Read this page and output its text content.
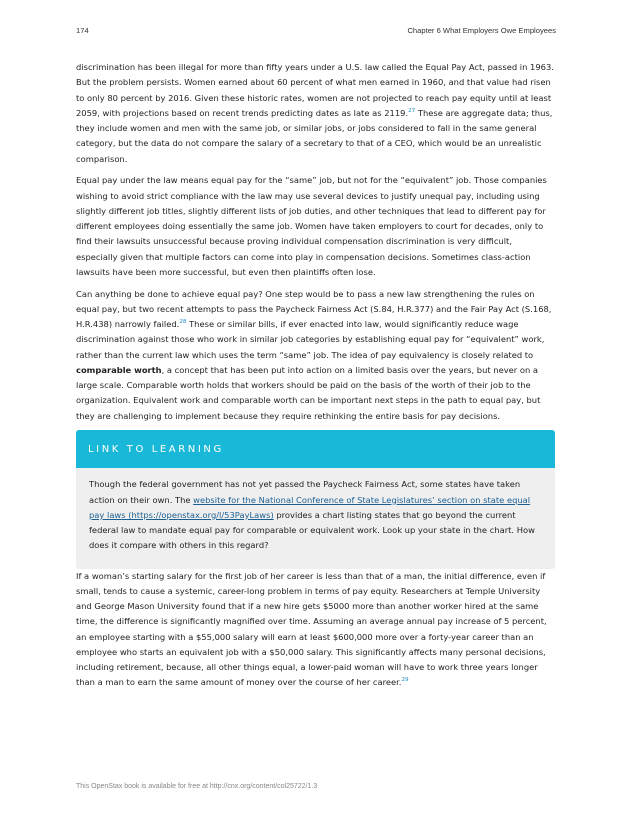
174	Chapter 6 What Employers Owe Employees

discrimination has been illegal for more than fifty years under a U.S. law called the Equal Pay Act, passed in 1963. But the problem persists. Women earned about 60 percent of what men earned in 1960, and that value had risen to only 80 percent by 2016. Given these historic rates, women are not projected to reach pay equity until at least 2059, with projections based on recent trends predicting dates as late as 2119.27 These are aggregate data; thus, they include women and men with the same job, or similar jobs, or jobs considered to fall in the same general category, but the data do not compare the salary of a secretary to that of a CEO, which would be an unrealistic comparison.

Equal pay under the law means equal pay for the “same” job, but not for the “equivalent” job. Those companies wishing to avoid strict compliance with the law may use several devices to justify unequal pay, including using slightly different job titles, slightly different lists of job duties, and other techniques that lead to different pay for different employees doing essentially the same job. Women have taken employers to court for decades, only to find their lawsuits unsuccessful because proving individual compensation discrimination is very difficult, especially given that multiple factors can come into play in compensation decisions. Sometimes class-action lawsuits have been more successful, but even then plaintiffs often lose.

Can anything be done to achieve equal pay? One step would be to pass a new law strengthening the rules on equal pay, but two recent attempts to pass the Paycheck Fairness Act (S.84, H.R.377) and the Fair Pay Act (S.168, H.R.438) narrowly failed.$^{28}$ These or similar bills, if ever enacted into law, would significantly reduce wage discrimination against those who work in similar job categories by establishing equal pay for “equivalent” work, rather than the current law which uses the term “same” job. The idea of pay equivalency is closely related to comparable worth, a concept that has been put into action on a limited basis over the years, but never on a large scale. Comparable worth holds that workers should be paid on the basis of the worth of their job to the organization. Equivalent work and comparable worth can be important next steps in the path to equal pay, but they are challenging to implement because they require rethinking the entire basis for pay decisions.

LINK TO LEARNING

Though the federal government has not yet passed the Paycheck Fairness Act, some states have taken action on their own. The website for the National Conference of State Legislatures’ section on state equal pay laws (https://openstax.org/l/53PayLaws) provides a chart listing states that go beyond the current federal law to mandate equal pay for comparable or equivalent work. Look up your state in the chart. How does it compare with others in this regard?

If a woman’s starting salary for the first job of her career is less than that of a man, the initial difference, even if small, tends to cause a systemic, career-long problem in terms of pay equity. Researchers at Temple University and George Mason University found that if a new hire gets $5000 more than another worker hired at the same time, the difference is significantly magnified over time. Assuming an average annual pay increase of 5 percent, an employee starting with a $55,000 salary will earn at least $600,000 more over a forty-year career than an employee who starts an equivalent job with a $50,000 salary. This significantly affects many personal decisions, including retirement, because, all other things equal, a lower-paid woman will have to work three years longer than a man to earn the same amount of money over the course of her career.$^{29}$

This OpenStax book is available for free at http://cnx.org/content/col25722/1.3
